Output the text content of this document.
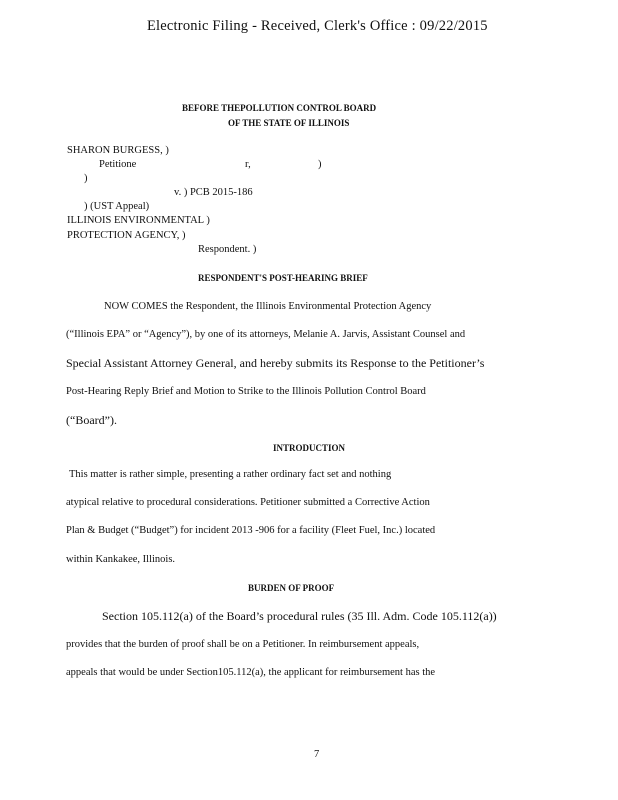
Electronic Filing - Received, Clerk's Office : 09/22/2015
BEFORE THEPOLLUTION CONTROL BOARD
OF THE STATE OF ILLINOIS
SHARON BURGESS, )
Petitione	r,	)
)
v. ) PCB 2015-186
) (UST Appeal)
ILLINOIS ENVIRONMENTAL )
PROTECTION AGENCY, )
Respondent. )
RESPONDENT'S POST-HEARING BRIEF
NOW COMES the Respondent, the Illinois Environmental Protection Agency
(“Illinois EPA” or “Agency”), by one of its attorneys, Melanie A. Jarvis, Assistant Counsel and
Special Assistant Attorney General, and hereby submits its Response to the Petitioner’s
Post-Hearing Reply Brief and Motion to Strike to the Illinois Pollution Control Board
(“Board”).
INTRODUCTION
This matter is rather simple, presenting a rather ordinary fact set and nothing
atypical relative to procedural considerations. Petitioner submitted a Corrective Action
Plan & Budget (“Budget”) for incident 2013 -906 for a facility (Fleet Fuel, Inc.) located
within Kankakee, Illinois.
BURDEN OF PROOF
Section 105.112(a) of the Board’s procedural rules (35 Ill. Adm. Code 105.112(a))
provides that the burden of proof shall be on a Petitioner. In reimbursement appeals,
appeals that would be under Section105.112(a), the applicant for reimbursement has the
7
